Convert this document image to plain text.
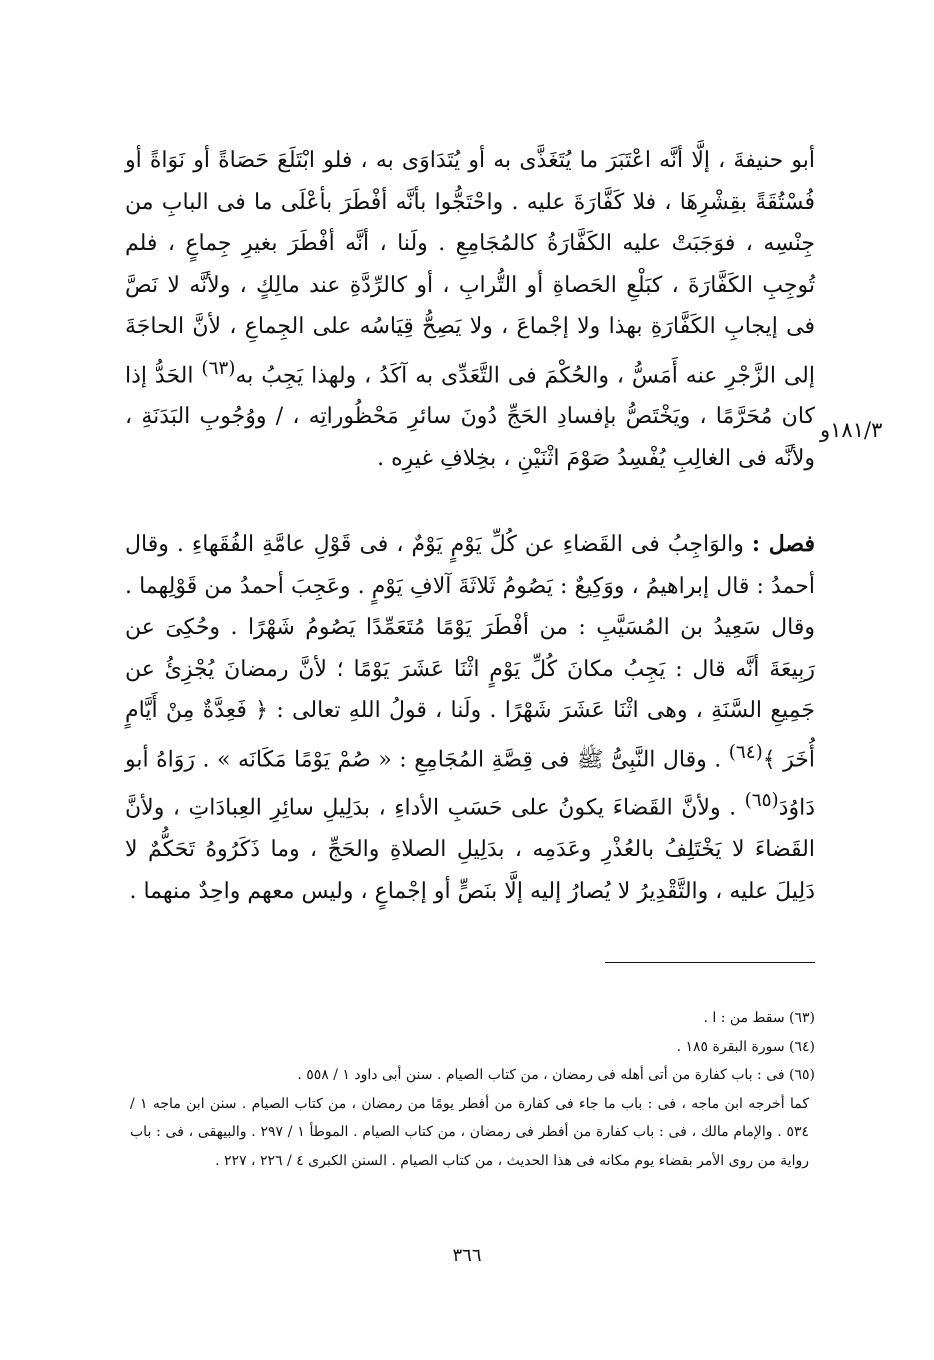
أبو حنيفةَ ، إلَّا أنَّه اعْتَبَرَ ما يُتَغَذَّى به أو يُتَدَاوَى به ، فلو ابْتَلَعَ حَصَاةً أو نَوَاةً أو فُسْتُقَةً بقِشْرِهَا ، فلا كَفَّارَةَ عليه . واحْتَجُّوا بأنَّه أفْطَرَ بأعْلَى ما فى البابِ من جِنْسِه ، فوَجَبَتْ عليه الكَفَّارَةُ كالمُجَامِعِ . ولَنا ، أنَّه أفْطَرَ بغيرِ جِماعٍ ، فلم تُوجِبِ الكَفَّارَةَ ، كبَلْعِ الحَصاةِ أو التُّرابِ ، أو كالرِّدَّةِ عند مالِكٍ ، ولأنَّه لا نَصَّ فى إيجابِ الكَفَّارَةِ بهذا ولا إجْماعَ ، ولا يَصِحُّ قِيَاسُه على الجِماعِ ، لأنَّ الحاجَةَ إلى الزَّجْرِ عنه أَمَسُّ ، والحُكْمَ فى التَّعَدِّى به آكَدُ ، ولهذا يَجِبُ به$^{(٦٣)}$ الحَدُّ إذا كان مُحَرَّمًا ، ويَخْتَصُّ بإفسادِ الحَجِّ دُونَ سائرِ مَحْظُوراتِه ، / ووُجُوبِ البَدَنَةِ ، ولأنَّه فى الغالِبِ يُفْسِدُ صَوْمَ اثْنَيْنِ ، بخِلافِ غيرِه .

١٨١/٣و

فصل : والوَاجِبُ فى القَضاءِ عن كُلِّ يَوْمٍ يَوْمٌ ، فى قَوْلِ عامَّةِ الفُقَهاءِ . وقال أحمدُ : قال إبراهيمُ ، ووَكِيعٌ : يَصُومُ ثَلاثَةَ آلافِ يَوْمٍ . وعَجِبَ أحمدُ من قَوْلِهما . وقال سَعِيدُ بن المُسَيَّبِ : من أفْطَرَ يَوْمًا مُتَعَمِّدًا يَصُومُ شَهْرًا . وحُكِىَ عن رَبِيعَةَ أنَّه قال : يَجِبُ مكانَ كُلِّ يَوْمٍ اثْنَا عَشَرَ يَوْمًا ؛ لأنَّ رمضانَ يُجْزِئُ عن جَمِيعِ السَّنَةِ ، وهى اثْنَا عَشَرَ شَهْرًا . ولَنا ، قولُ اللهِ تعالى : ﴿ فَعِدَّةٌ مِنْ أَيَّامٍ أُخَرَ ﴾$^{(٦٤)}$ . وقال النَّبِىُّ ﷺ فى قِصَّةِ المُجَامِعِ : « صُمْ يَوْمًا مَكَانَه » . رَوَاهُ أبو دَاوُدَ$^{(٦٥)}$ . ولأنَّ القَضاءَ يكونُ على حَسَبِ الأداءِ ، بدَلِيلِ سائِرِ العِبادَاتِ ، ولأنَّ القَضاءَ لا يَخْتَلِفُ بالعُذْرِ وعَدَمِه ، بدَلِيلِ الصلاةِ والحَجِّ ، وما ذَكَرُوهُ تَحَكُّمٌ لا دَلِيلَ عليه ، والتَّقْدِيرُ لا يُصارُ إليه إلَّا بنَصٍّ أو إجْماعٍ ، وليس معهم واحِدٌ منهما .

(٦٣) سقط من : ا .

(٦٤) سورة البقرة ١٨٥ .

(٦٥) فى : باب كفارة من أتى أهله فى رمضان ، من كتاب الصيام . سنن أبى داود ١ / ٥٥٨ .

كما أخرجه ابن ماجه ، فى : باب ما جاء فى كفارة من أفطر يومًا من رمضان ، من كتاب الصيام . سنن ابن ماجه ١ / ٥٣٤ . والإمام مالك ، فى : باب كفارة من أفطر فى رمضان ، من كتاب الصيام . الموطأ ١ / ٢٩٧ . والبيهقى ، فى : باب رواية من روى الأمر بقضاء يوم مكانه فى هذا الحديث ، من كتاب الصيام . السنن الكبرى ٤ / ٢٢٦ ، ٢٢٧ .

٣٦٦
